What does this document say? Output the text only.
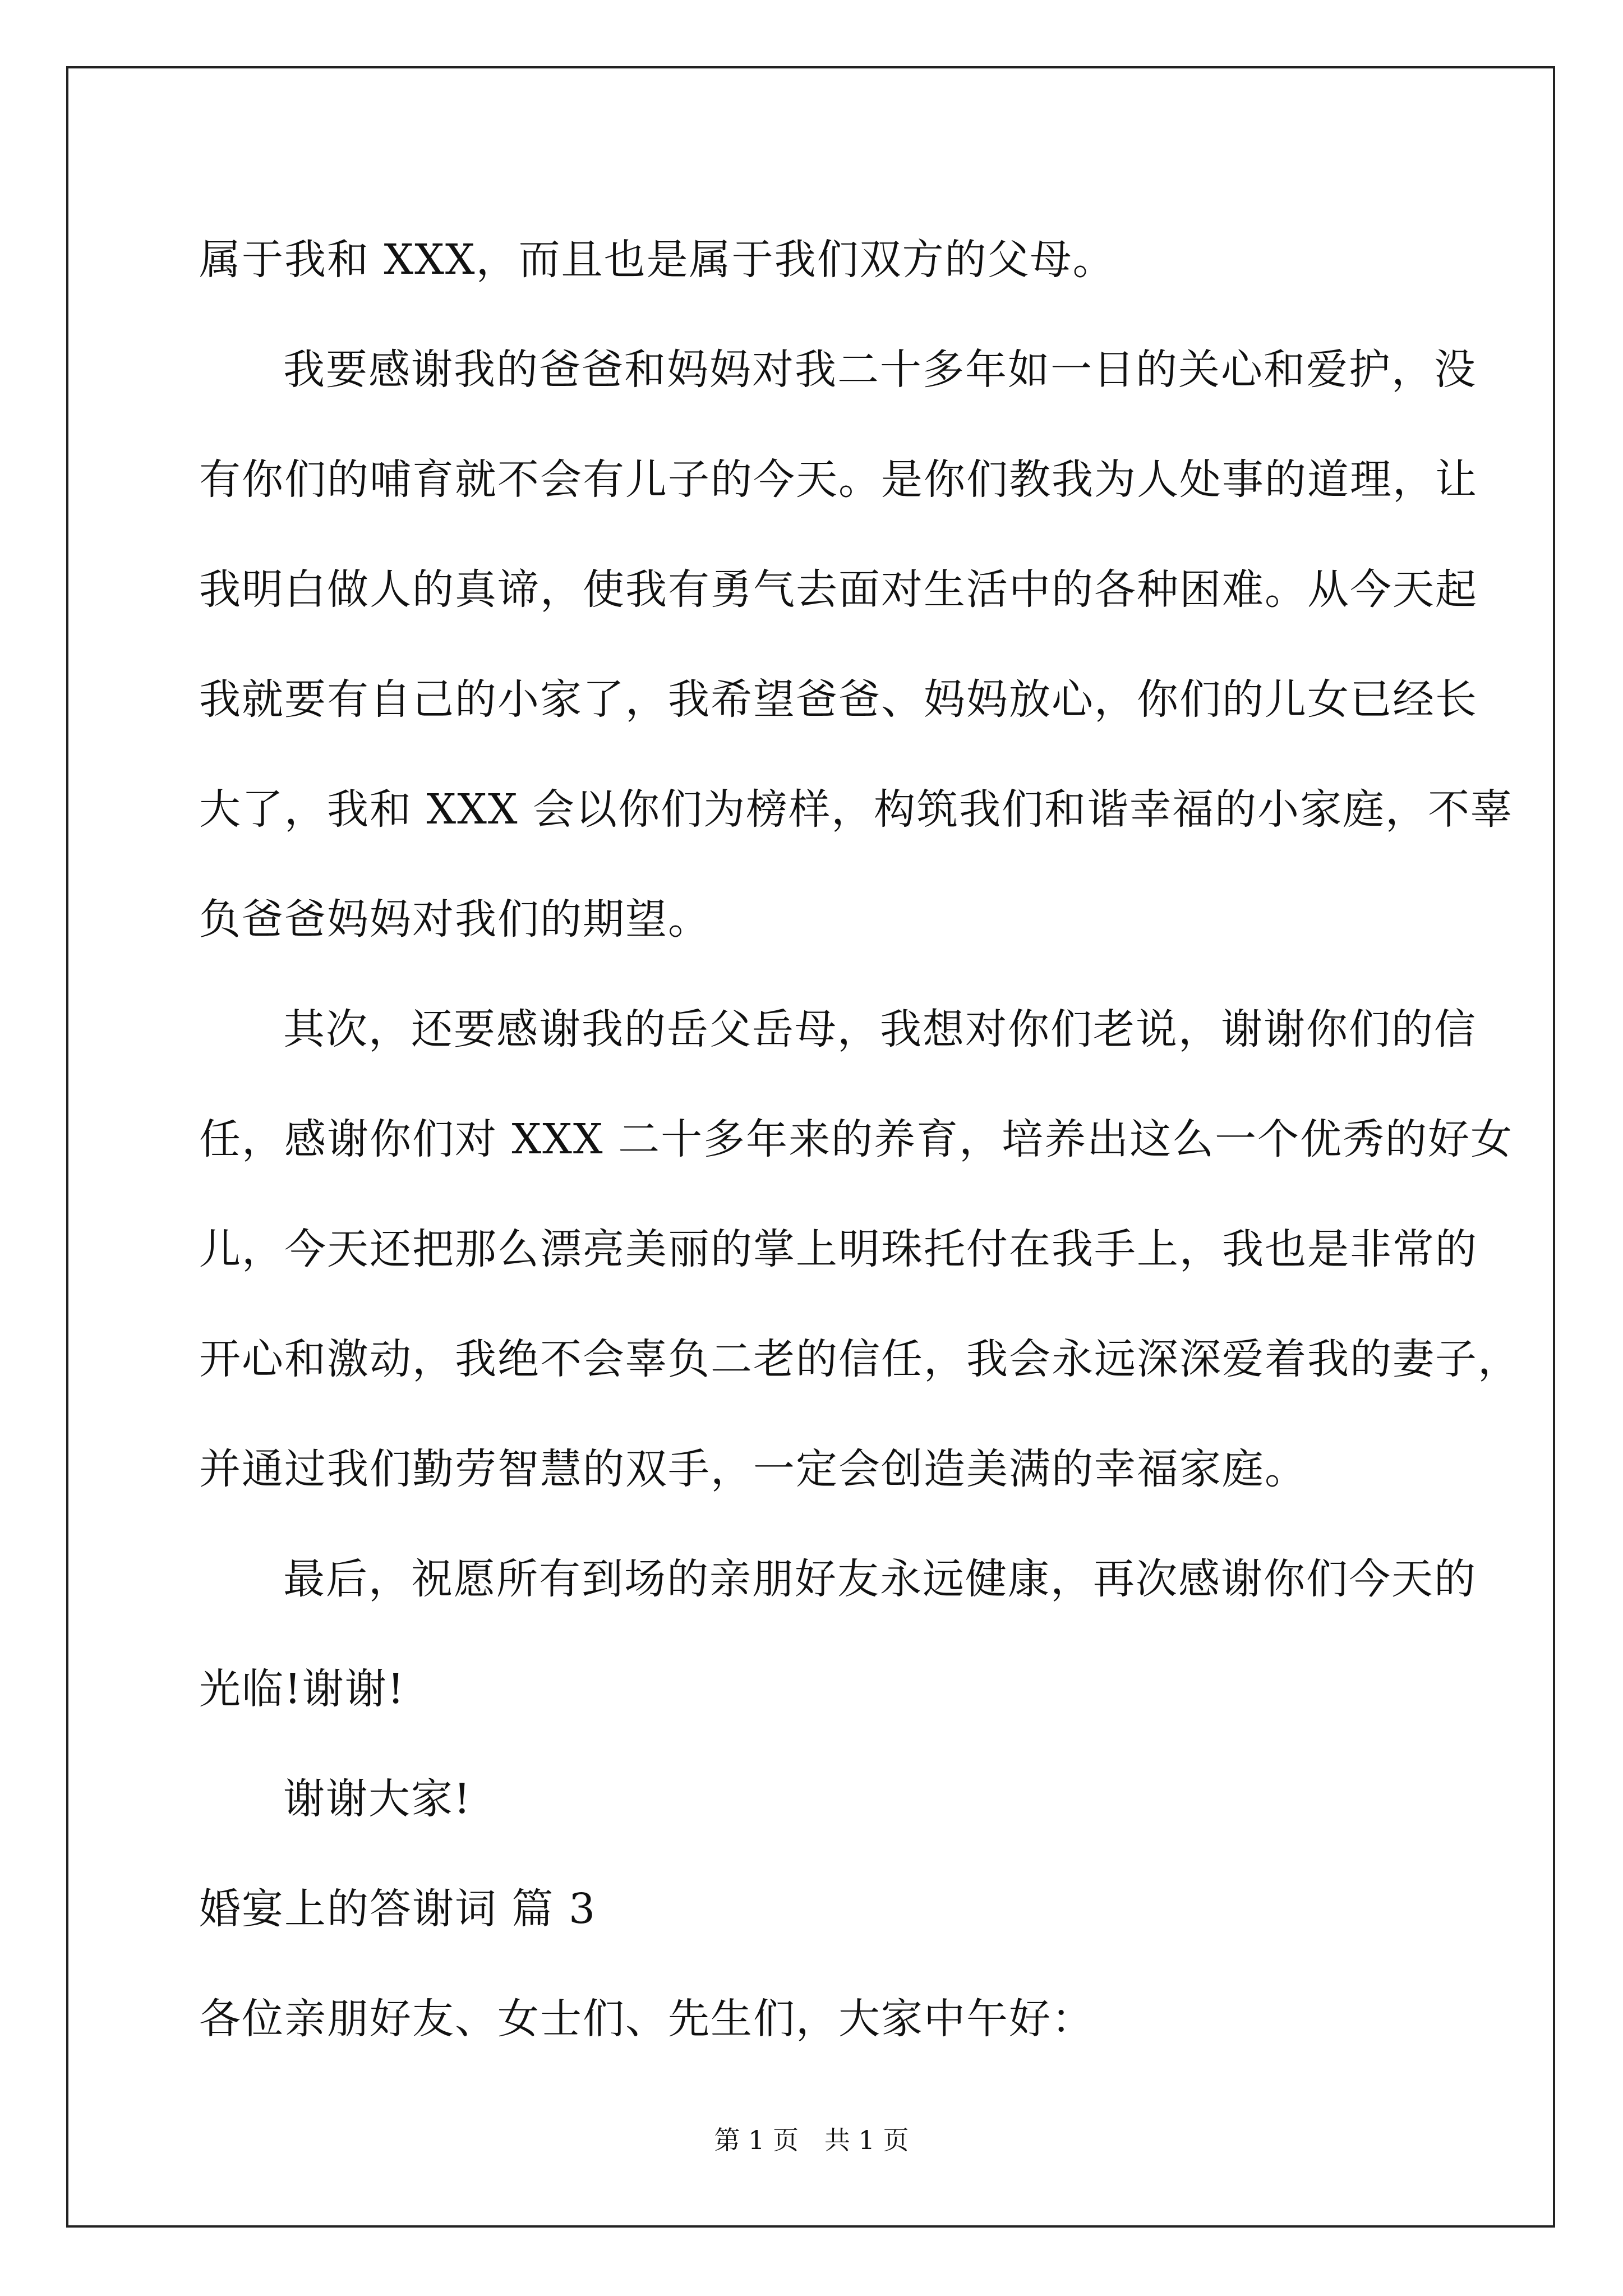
属于我和 XXX，而且也是属于我们双方的父母。
我要感谢我的爸爸和妈妈对我二十多年如一日的关心和爱护，没
有你们的哺育就不会有儿子的今天。是你们教我为人处事的道理，让
我明白做人的真谛，使我有勇气去面对生活中的各种困难。从今天起
我就要有自己的小家了，我希望爸爸、妈妈放心，你们的儿女已经长
大了，我和 XXX 会以你们为榜样，构筑我们和谐幸福的小家庭，不辜
负爸爸妈妈对我们的期望。
其次，还要感谢我的岳父岳母，我想对你们老说，谢谢你们的信
任，感谢你们对 XXX 二十多年来的养育，培养出这么一个优秀的好女
儿，今天还把那么漂亮美丽的掌上明珠托付在我手上，我也是非常的
开心和激动，我绝不会辜负二老的信任，我会永远深深爱着我的妻子，
并通过我们勤劳智慧的双手，一定会创造美满的幸福家庭。
最后，祝愿所有到场的亲朋好友永远健康，再次感谢你们今天的
光临!谢谢!
谢谢大家!
婚宴上的答谢词 篇 3
各位亲朋好友、女士们、先生们，大家中午好：
第 1 页　共 1 页
